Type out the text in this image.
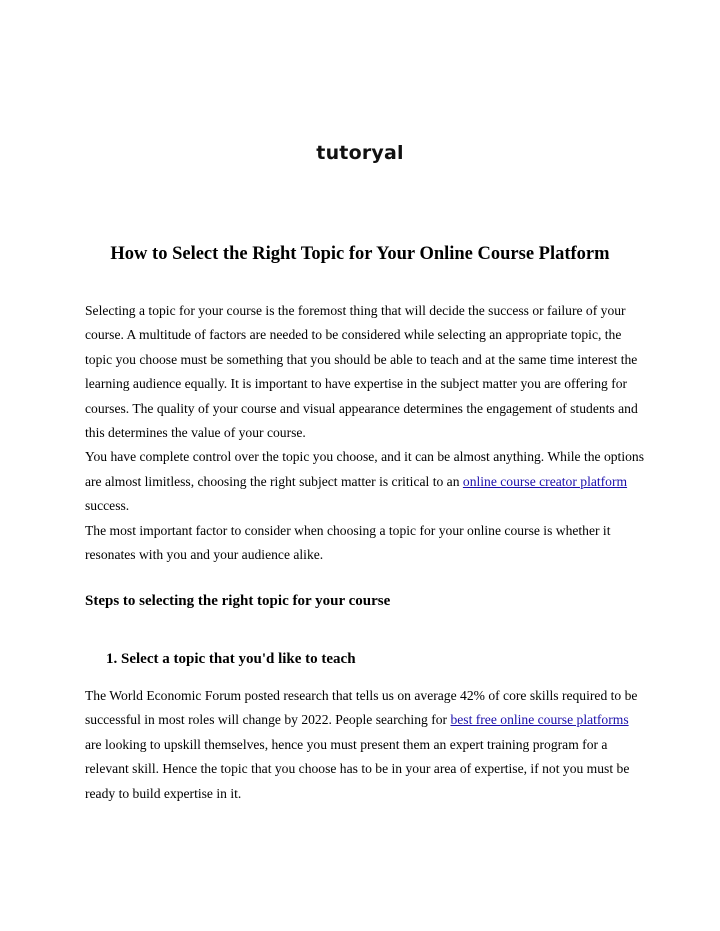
tutoryal
How to Select the Right Topic for Your Online Course Platform

Selecting a topic for your course is the foremost thing that will decide the success or failure of your course. A multitude of factors are needed to be considered while selecting an appropriate topic, the topic you choose must be something that you should be able to teach and at the same time interest the learning audience equally. It is important to have expertise in the subject matter you are offering for courses. The quality of your course and visual appearance determines the engagement of students and this determines the value of your course.

You have complete control over the topic you choose, and it can be almost anything. While the options are almost limitless, choosing the right subject matter is critical to an online course creator platform success.

The most important factor to consider when choosing a topic for your online course is whether it resonates with you and your audience alike.

Steps to selecting the right topic for your course
1. Select a topic that you'd like to teach

The World Economic Forum posted research that tells us on average 42% of core skills required to be successful in most roles will change by 2022. People searching for best free online course platforms are looking to upskill themselves, hence you must present them an expert training program for a relevant skill. Hence the topic that you choose has to be in your area of expertise, if not you must be ready to build expertise in it.
